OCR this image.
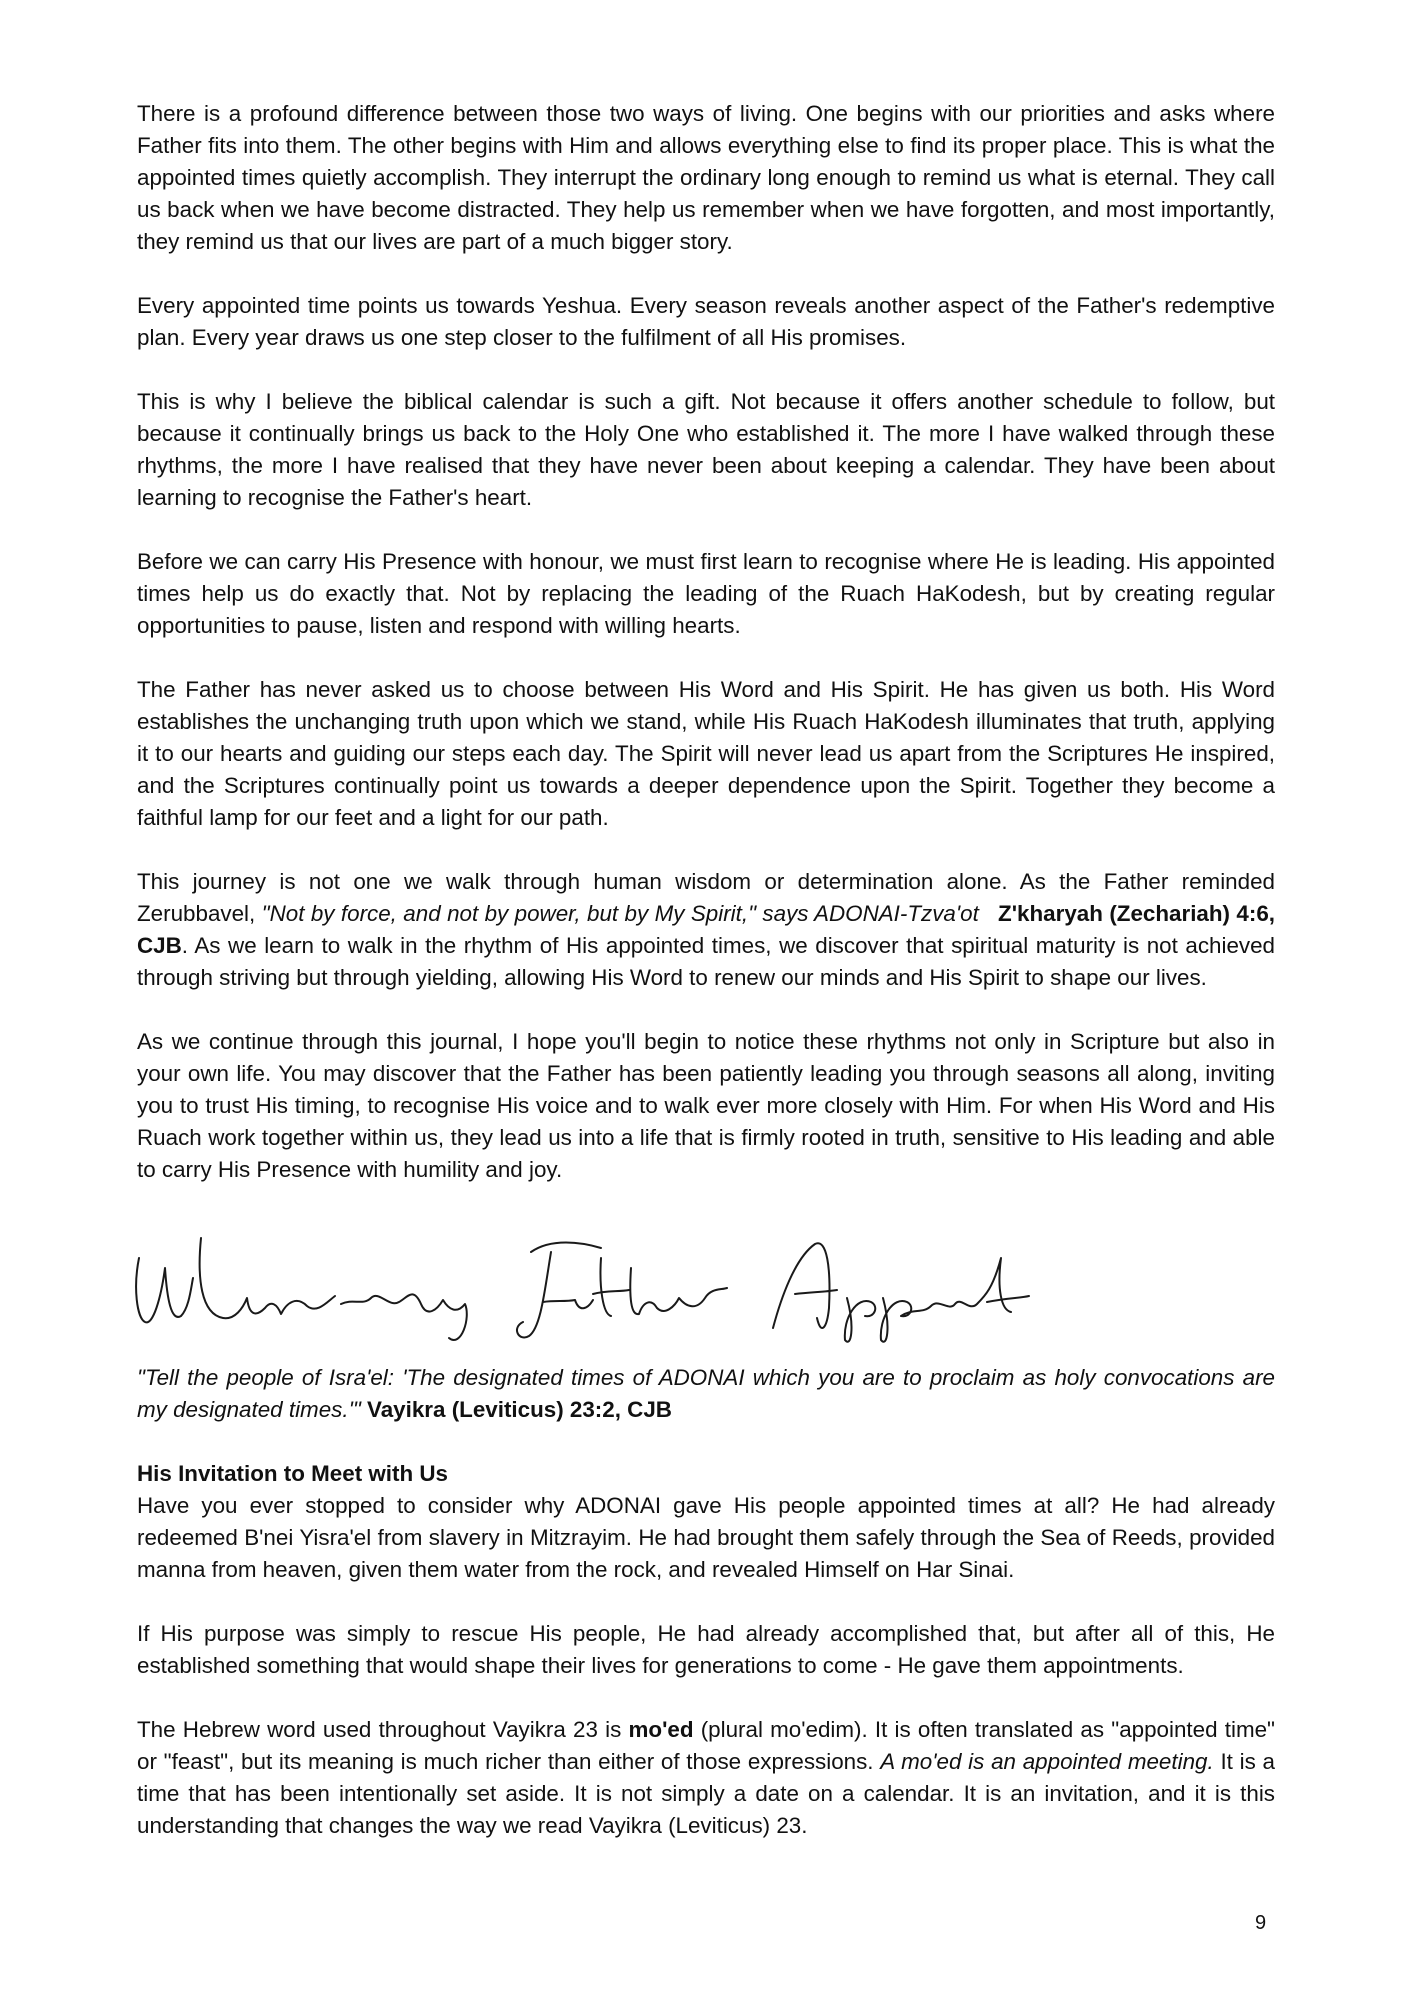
There is a profound difference between those two ways of living. One begins with our priorities and asks where Father fits into them. The other begins with Him and allows everything else to find its proper place. This is what the appointed times quietly accomplish. They interrupt the ordinary long enough to remind us what is eternal. They call us back when we have become distracted. They help us remember when we have forgotten, and most importantly, they remind us that our lives are part of a much bigger story.

Every appointed time points us towards Yeshua. Every season reveals another aspect of the Father's redemptive plan. Every year draws us one step closer to the fulfilment of all His promises.

This is why I believe the biblical calendar is such a gift. Not because it offers another schedule to follow, but because it continually brings us back to the Holy One who established it. The more I have walked through these rhythms, the more I have realised that they have never been about keeping a calendar. They have been about learning to recognise the Father's heart.

Before we can carry His Presence with honour, we must first learn to recognise where He is leading. His appointed times help us do exactly that. Not by replacing the leading of the Ruach HaKodesh, but by creating regular opportunities to pause, listen and respond with willing hearts.

The Father has never asked us to choose between His Word and His Spirit. He has given us both. His Word establishes the unchanging truth upon which we stand, while His Ruach HaKodesh illuminates that truth, applying it to our hearts and guiding our steps each day. The Spirit will never lead us apart from the Scriptures He inspired, and the Scriptures continually point us towards a deeper dependence upon the Spirit. Together they become a faithful lamp for our feet and a light for our path.

This journey is not one we walk through human wisdom or determination alone. As the Father reminded Zerubbavel, "Not by force, and not by power, but by My Spirit," says ADONAI-Tzva'ot Z'kharyah (Zechariah) 4:6, CJB. As we learn to walk in the rhythm of His appointed times, we discover that spiritual maturity is not achieved through striving but through yielding, allowing His Word to renew our minds and His Spirit to shape our lives.

As we continue through this journal, I hope you'll begin to notice these rhythms not only in Scripture but also in your own life. You may discover that the Father has been patiently leading you through seasons all along, inviting you to trust His timing, to recognise His voice and to walk ever more closely with Him. For when His Word and His Ruach work together within us, they lead us into a life that is firmly rooted in truth, sensitive to His leading and able to carry His Presence with humility and joy.

"Tell the people of Isra'el: 'The designated times of ADONAI which you are to proclaim as holy convocations are my designated times.'" Vayikra (Leviticus) 23:2, CJB

His Invitation to Meet with Us

Have you ever stopped to consider why ADONAI gave His people appointed times at all? He had already redeemed B'nei Yisra'el from slavery in Mitzrayim. He had brought them safely through the Sea of Reeds, provided manna from heaven, given them water from the rock, and revealed Himself on Har Sinai.

If His purpose was simply to rescue His people, He had already accomplished that, but after all of this, He established something that would shape their lives for generations to come - He gave them appointments.

The Hebrew word used throughout Vayikra 23 is mo'ed (plural mo'edim). It is often translated as "appointed time" or "feast", but its meaning is much richer than either of those expressions. A mo'ed is an appointed meeting. It is a time that has been intentionally set aside. It is not simply a date on a calendar. It is an invitation, and it is this understanding that changes the way we read Vayikra (Leviticus) 23.

9
